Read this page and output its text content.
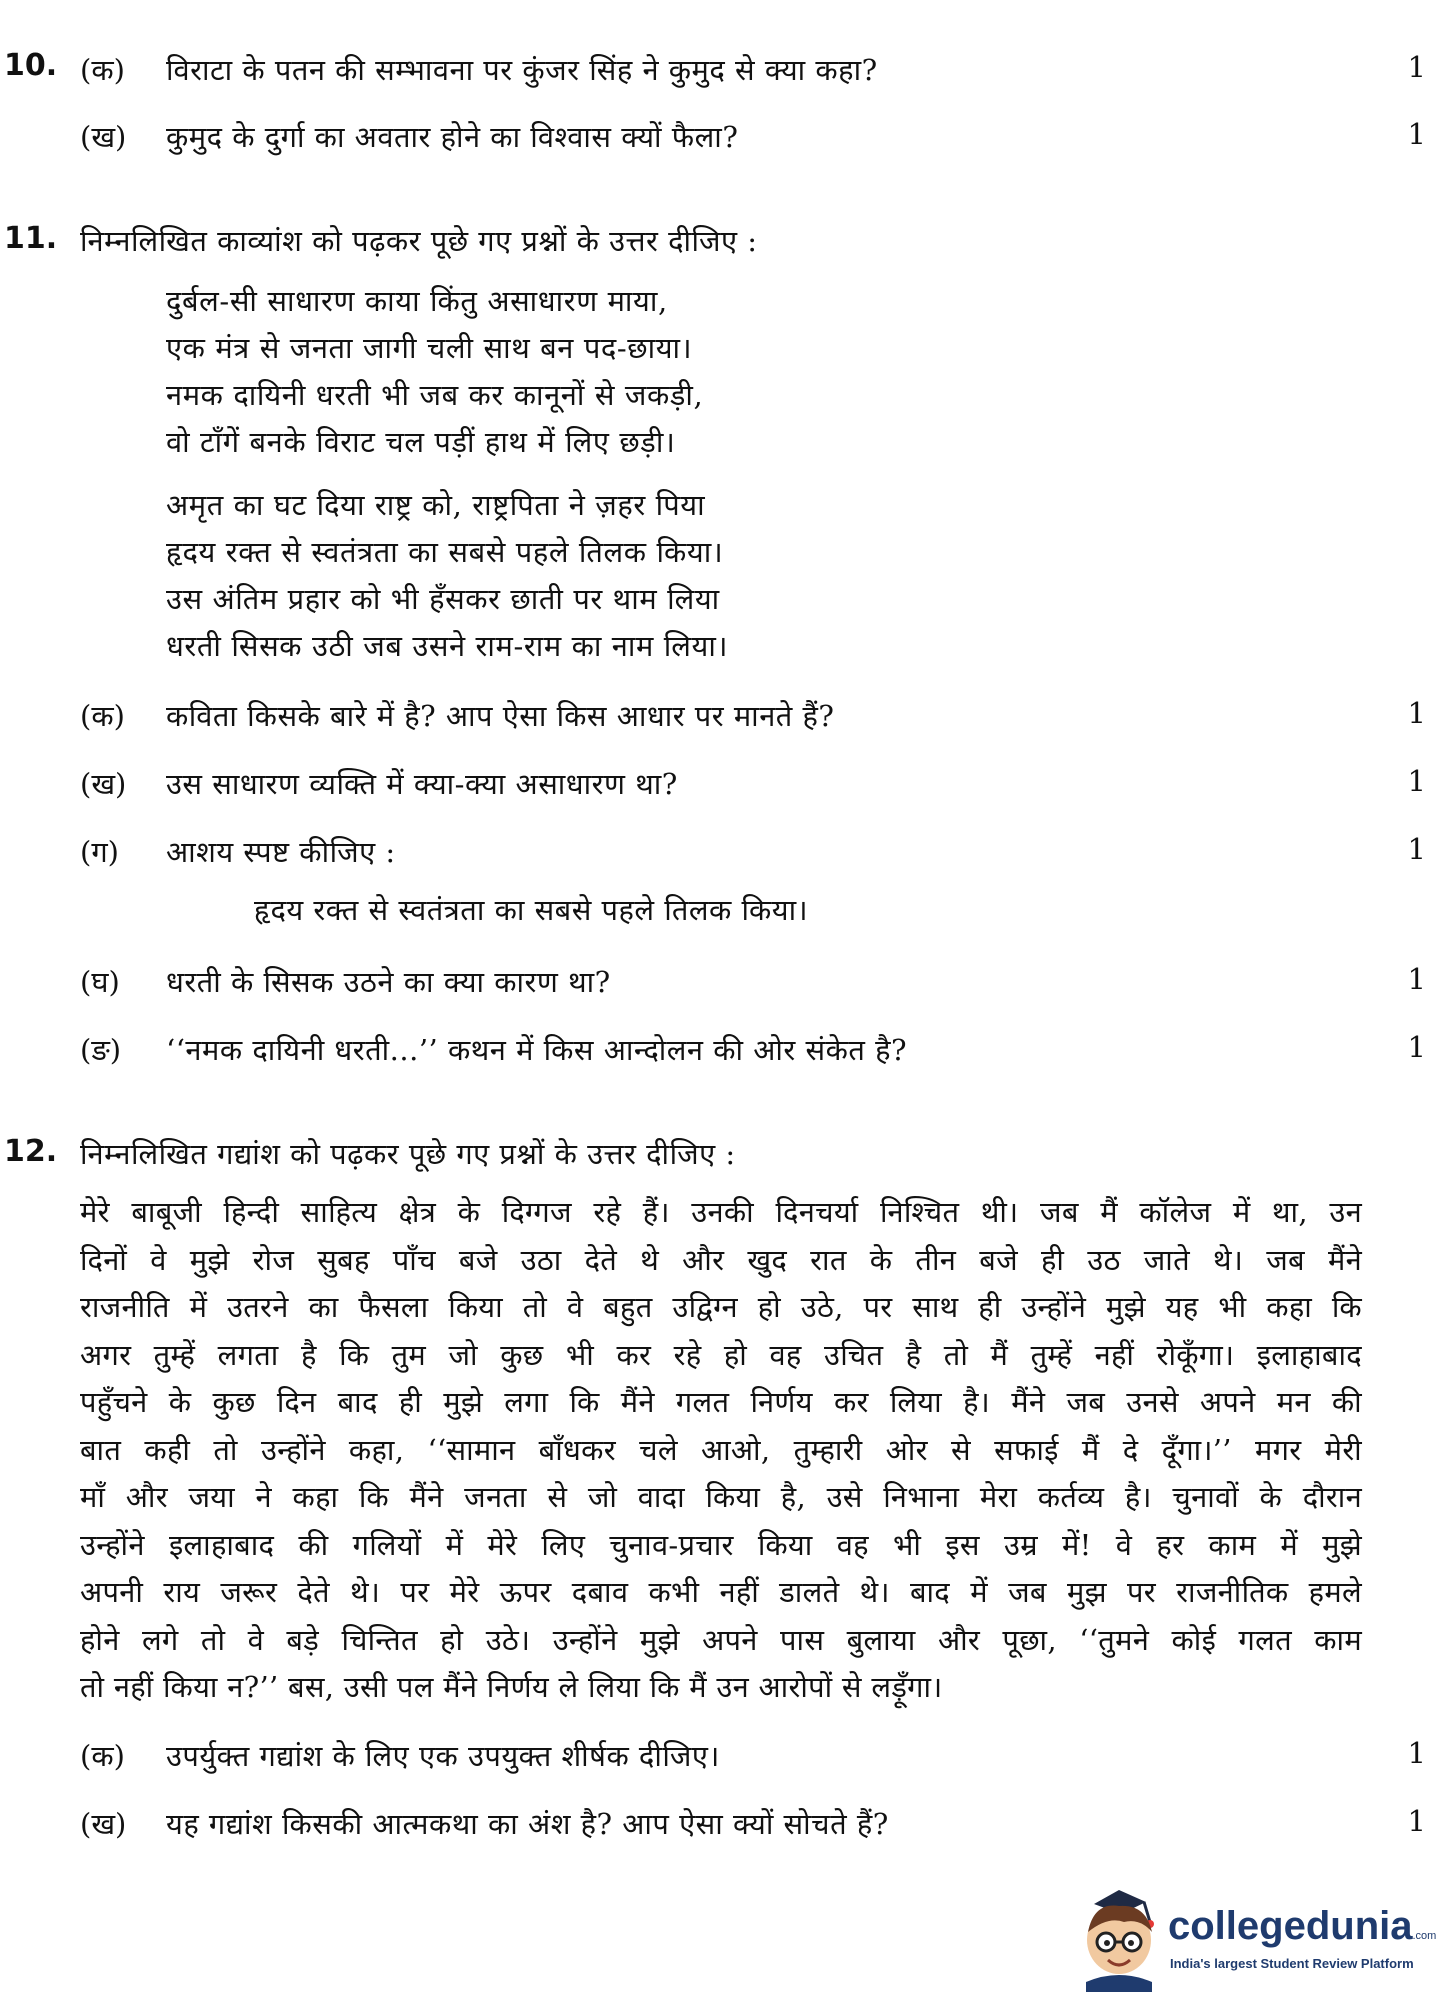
10. (क) विराटा के पतन की सम्भावना पर कुंजर सिंह ने कुमुद से क्या कहा?	1
(ख) कुमुद के दुर्गा का अवतार होने का विश्वास क्यों फैला?	1
11. निम्नलिखित काव्यांश को पढ़कर पूछे गए प्रश्नों के उत्तर दीजिए :
दुर्बल-सी साधारण काया किंतु असाधारण माया,
एक मंत्र से जनता जागी चली साथ बन पद-छाया।
नमक दायिनी धरती भी जब कर कानूनों से जकड़ी,
वो टाँगें बनके विराट चल पड़ीं हाथ में लिए छड़ी।
अमृत का घट दिया राष्ट्र को, राष्ट्रपिता ने ज़हर पिया
हृदय रक्त से स्वतंत्रता का सबसे पहले तिलक किया।
उस अंतिम प्रहार को भी हँसकर छाती पर थाम लिया
धरती सिसक उठी जब उसने राम-राम का नाम लिया।
(क) कविता किसके बारे में है? आप ऐसा किस आधार पर मानते हैं?	1
(ख) उस साधारण व्यक्ति में क्या-क्या असाधारण था?	1
(ग) आशय स्पष्ट कीजिए :	1
हृदय रक्त से स्वतंत्रता का सबसे पहले तिलक किया।
(घ) धरती के सिसक उठने का क्या कारण था?	1
(ङ) ‘‘नमक दायिनी धरती...’’ कथन में किस आन्दोलन की ओर संकेत है?	1
12. निम्नलिखित गद्यांश को पढ़कर पूछे गए प्रश्नों के उत्तर दीजिए :
मेरे बाबूजी हिन्दी साहित्य क्षेत्र के दिग्गज रहे हैं। उनकी दिनचर्या निश्चित थी। जब मैं कॉलेज में था, उन
दिनों वे मुझे रोज सुबह पाँच बजे उठा देते थे और खुद रात के तीन बजे ही उठ जाते थे। जब मैंने
राजनीति में उतरने का फैसला किया तो वे बहुत उद्विग्न हो उठे, पर साथ ही उन्होंने मुझे यह भी कहा कि
अगर तुम्हें लगता है कि तुम जो कुछ भी कर रहे हो वह उचित है तो मैं तुम्हें नहीं रोकूँगा। इलाहाबाद
पहुँचने के कुछ दिन बाद ही मुझे लगा कि मैंने गलत निर्णय कर लिया है। मैंने जब उनसे अपने मन की
बात कही तो उन्होंने कहा, ‘‘सामान बाँधकर चले आओ, तुम्हारी ओर से सफाई मैं दे दूँगा।’’ मगर मेरी
माँ और जया ने कहा कि मैंने जनता से जो वादा किया है, उसे निभाना मेरा कर्तव्य है। चुनावों के दौरान
उन्होंने इलाहाबाद की गलियों में मेरे लिए चुनाव-प्रचार किया वह भी इस उम्र में! वे हर काम में मुझे
अपनी राय जरूर देते थे। पर मेरे ऊपर दबाव कभी नहीं डालते थे। बाद में जब मुझ पर राजनीतिक हमले
होने लगे तो वे बड़े चिन्तित हो उठे। उन्होंने मुझे अपने पास बुलाया और पूछा, ‘‘तुमने कोई गलत काम
तो नहीं किया न?’’ बस, उसी पल मैंने निर्णय ले लिया कि मैं उन आरोपों से लड़ूँगा।
(क) उपर्युक्त गद्यांश के लिए एक उपयुक्त शीर्षक दीजिए।	1
(ख) यह गद्यांश किसकी आत्मकथा का अंश है? आप ऐसा क्यों सोचते हैं?	1
collegedunia.com
India's largest Student Review Platform
